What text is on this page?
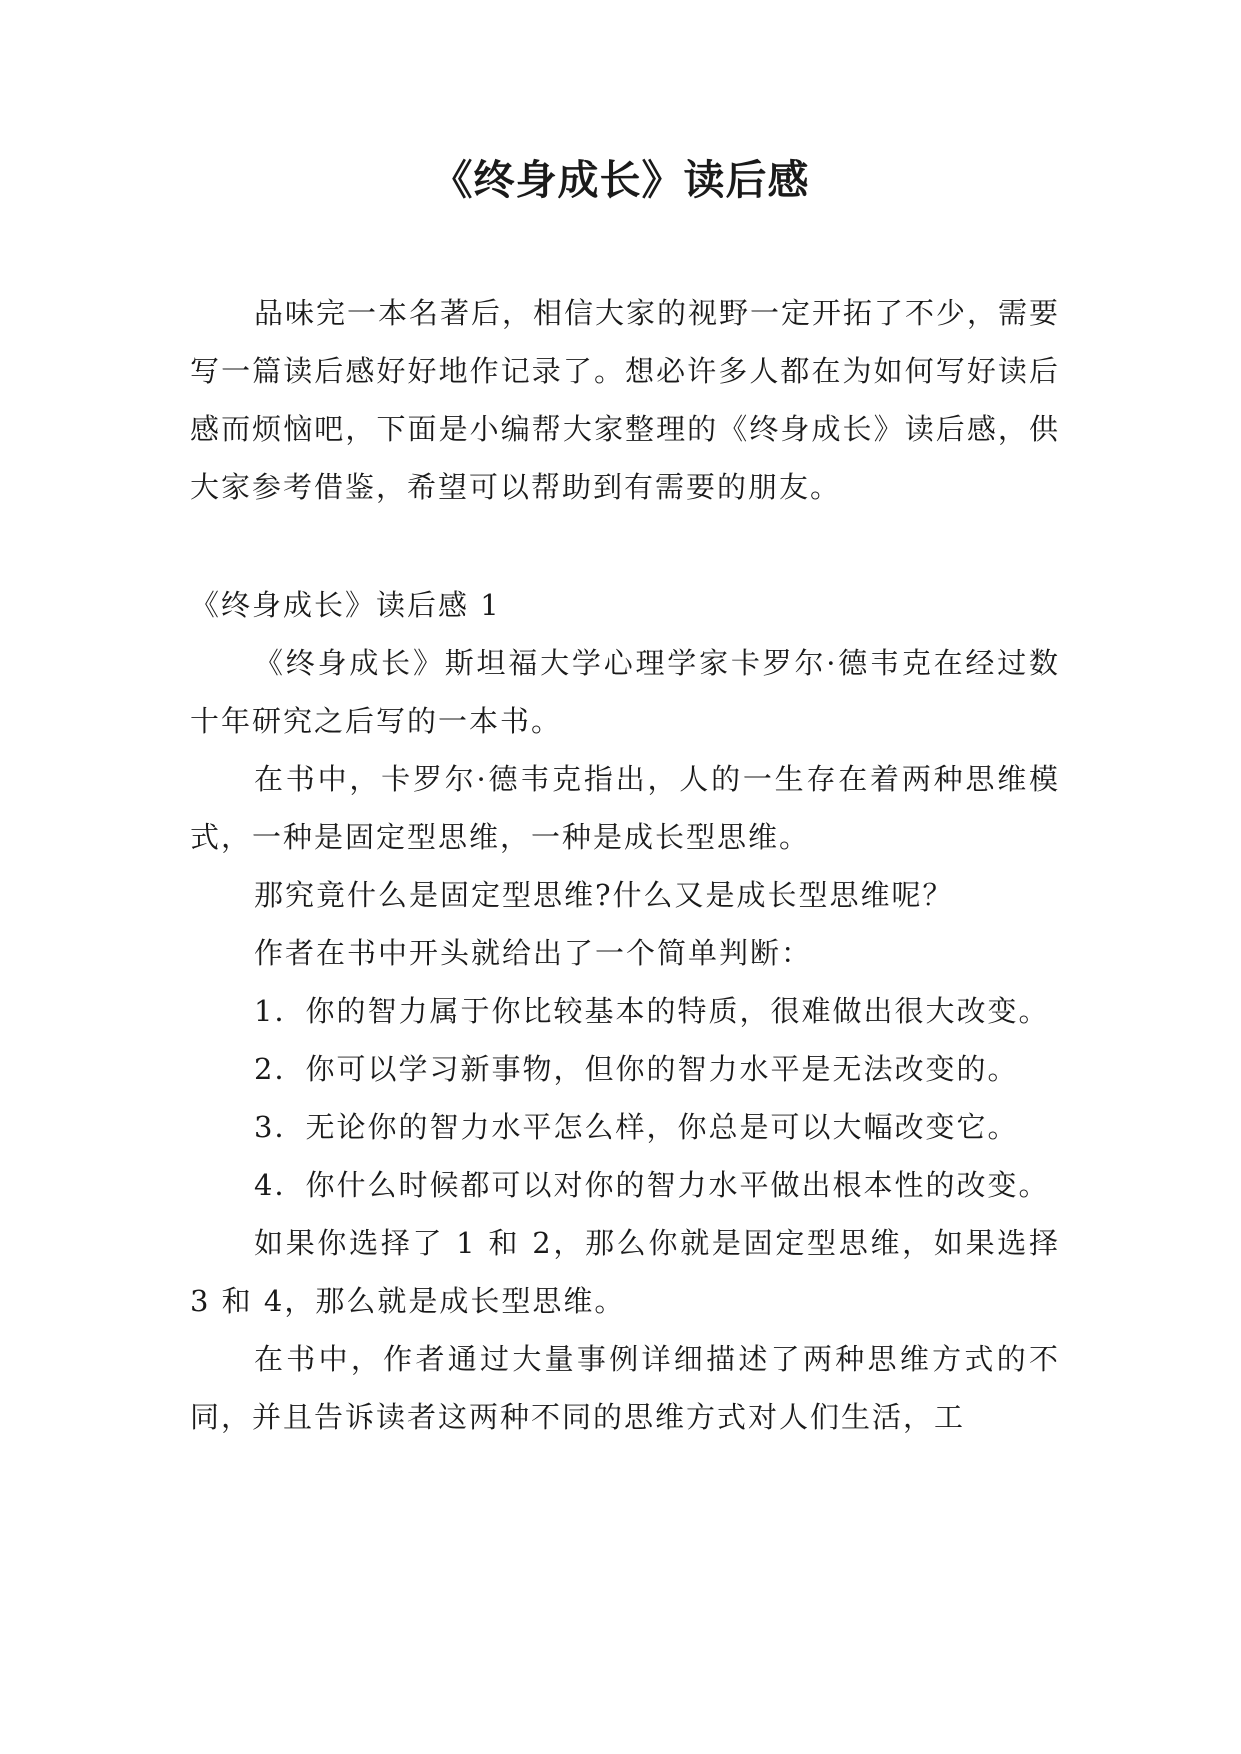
《终身成长》读后感

品味完一本名著后，相信大家的视野一定开拓了不少，需要写一篇读后感好好地作记录了。想必许多人都在为如何写好读后感而烦恼吧，下面是小编帮大家整理的《终身成长》读后感，供大家参考借鉴，希望可以帮助到有需要的朋友。

《终身成长》读后感 1

《终身成长》斯坦福大学心理学家卡罗尔·德韦克在经过数十年研究之后写的一本书。

在书中，卡罗尔·德韦克指出，人的一生存在着两种思维模式，一种是固定型思维，一种是成长型思维。

那究竟什么是固定型思维?什么又是成长型思维呢？

作者在书中开头就给出了一个简单判断：

1．你的智力属于你比较基本的特质，很难做出很大改变。

2．你可以学习新事物，但你的智力水平是无法改变的。

3．无论你的智力水平怎么样，你总是可以大幅改变它。

4．你什么时候都可以对你的智力水平做出根本性的改变。

如果你选择了 1 和 2，那么你就是固定型思维，如果选择 3 和 4，那么就是成长型思维。

在书中，作者通过大量事例详细描述了两种思维方式的不同，并且告诉读者这两种不同的思维方式对人们生活，工
